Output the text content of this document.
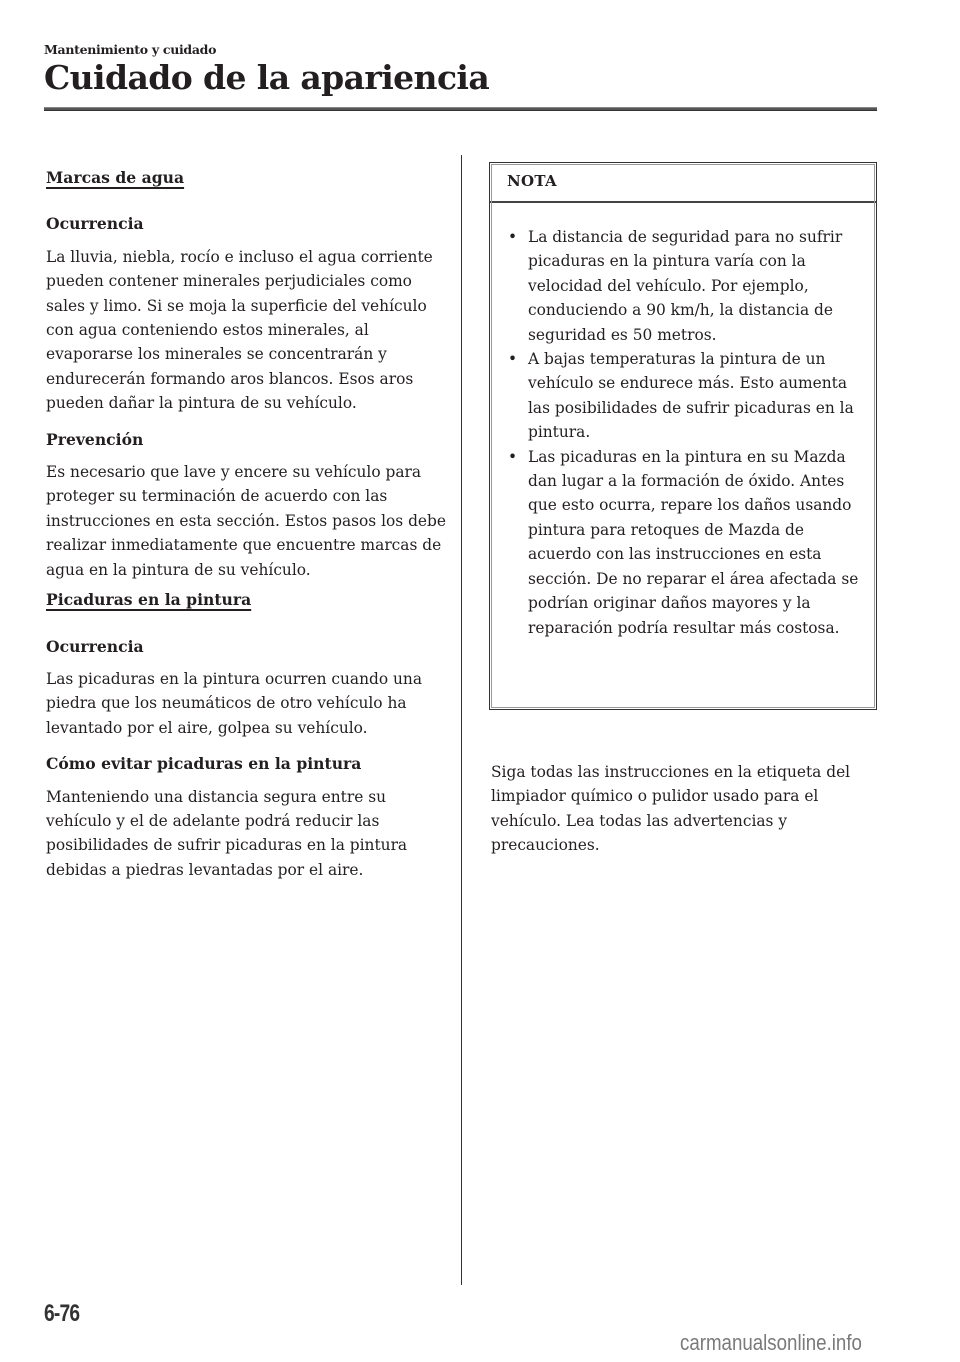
Mantenimiento y cuidado
Cuidado de la apariencia
Marcas de agua

Ocurrencia

La lluvia, niebla, rocío e incluso el agua corriente pueden contener minerales perjudiciales como sales y limo. Si se moja la superficie del vehículo con agua conteniendo estos minerales, al evaporarse los minerales se concentrarán y endurecerán formando aros blancos. Esos aros pueden dañar la pintura de su vehículo.

Prevención

Es necesario que lave y encere su vehículo para proteger su terminación de acuerdo con las instrucciones en esta sección. Estos pasos los debe realizar inmediatamente que encuentre marcas de agua en la pintura de su vehículo.

Picaduras en la pintura

Ocurrencia

Las picaduras en la pintura ocurren cuando una piedra que los neumáticos de otro vehículo ha levantado por el aire, golpea su vehículo.

Cómo evitar picaduras en la pintura

Manteniendo una distancia segura entre su vehículo y el de adelante podrá reducir las posibilidades de sufrir picaduras en la pintura debidas a piedras levantadas por el aire.

NOTA
• La distancia de seguridad para no sufrir picaduras en la pintura varía con la velocidad del vehículo. Por ejemplo, conduciendo a 90 km/h, la distancia de seguridad es 50 metros.
• A bajas temperaturas la pintura de un vehículo se endurece más. Esto aumenta las posibilidades de sufrir picaduras en la pintura.
• Las picaduras en la pintura en su Mazda dan lugar a la formación de óxido. Antes que esto ocurra, repare los daños usando pintura para retoques de Mazda de acuerdo con las instrucciones en esta sección. De no reparar el área afectada se podrían originar daños mayores y la reparación podría resultar más costosa.

Siga todas las instrucciones en la etiqueta del limpiador químico o pulidor usado para el vehículo. Lea todas las advertencias y precauciones.

6-76
carmanualsonline.info
